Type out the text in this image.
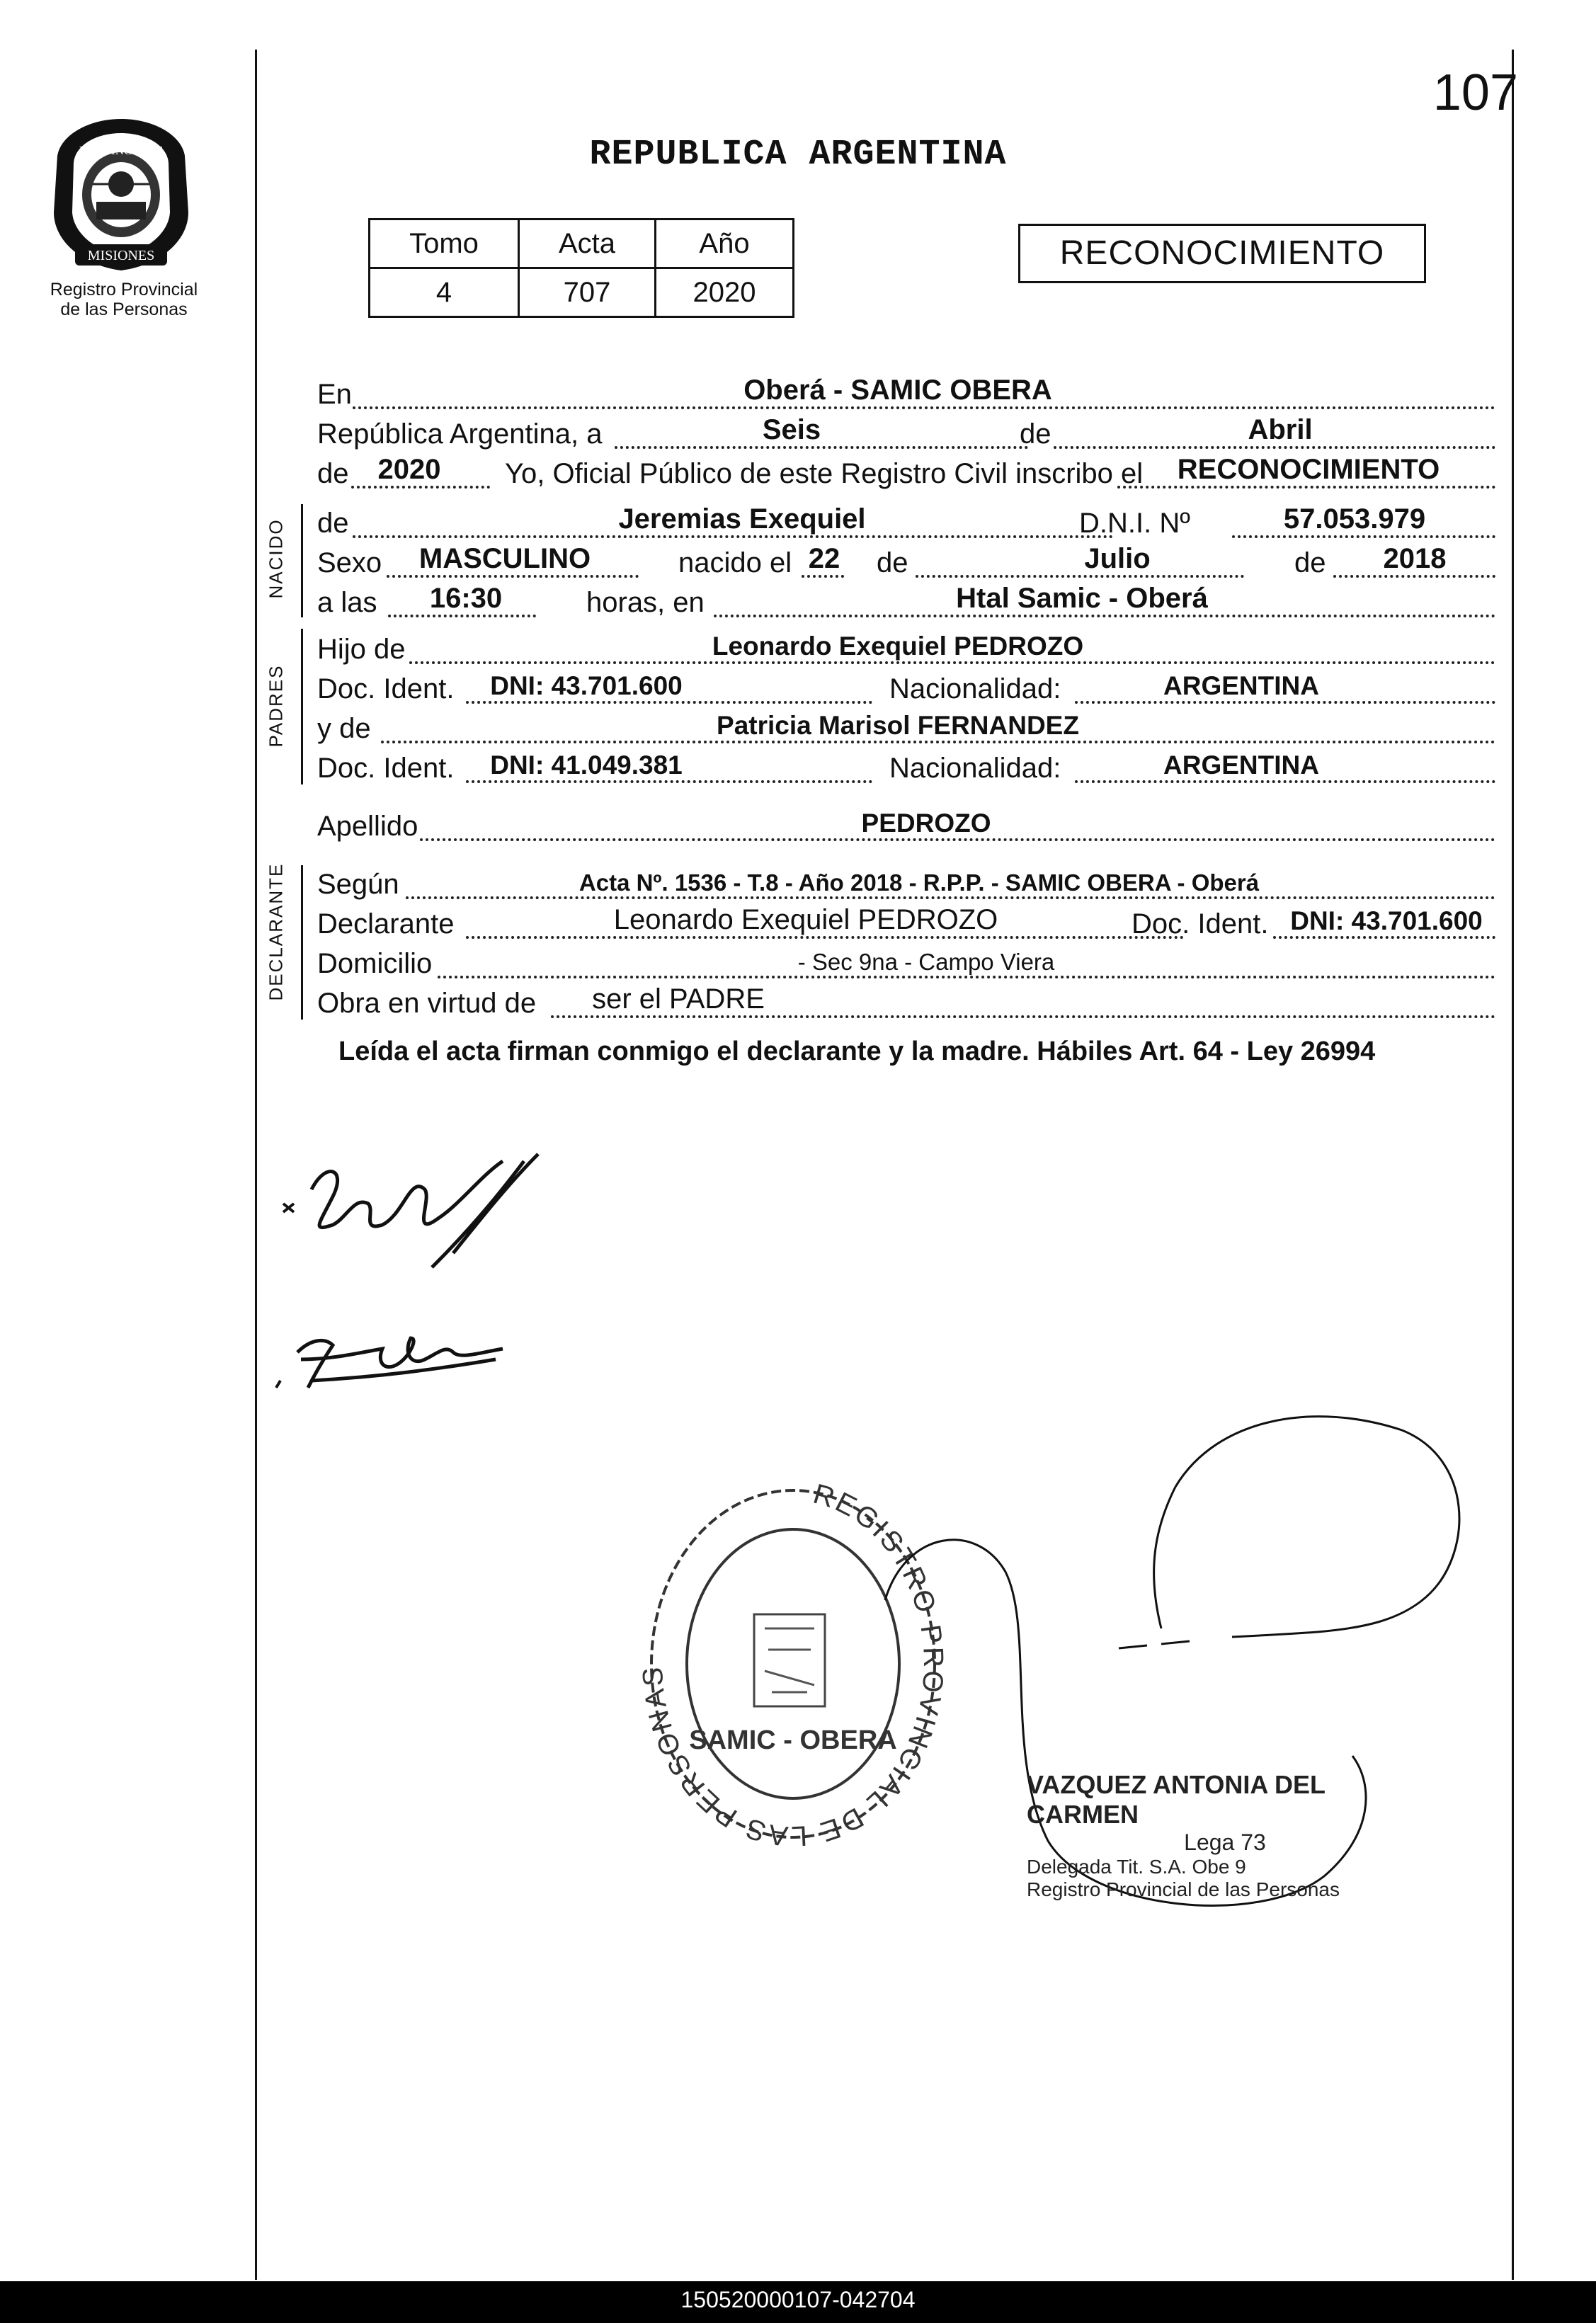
107
PROVINCIA DE
MISIONES
Registro Provincial
de las Personas
REPUBLICA ARGENTINA
Tomo	Acta	Año
4	707	2020
RECONOCIMIENTO
En	Oberá - SAMIC OBERA
República Argentina, a	Seis	de	Abril
de	2020	Yo, Oficial Público de este Registro Civil inscribo el	RECONOCIMIENTO
NACIDO de	Jeremias Exequiel	D.N.I. Nº	57.053.979
Sexo	MASCULINO	nacido el 22 de	Julio	de	2018
a las	16:30	horas, en	Htal Samic - Oberá
PADRES
Hijo de	Leonardo Exequiel PEDROZO
Doc. Ident.	DNI: 43.701.600	Nacionalidad:	ARGENTINA
y de	Patricia Marisol FERNANDEZ
Doc. Ident.	DNI: 41.049.381	Nacionalidad:	ARGENTINA
Apellido	PEDROZO
DECLARANTE Según	Acta Nº. 1536 - T.8 - Año 2018 - R.P.P. - SAMIC OBERA - Oberá
Declarante	Leonardo Exequiel PEDROZO	Doc. Ident. DNI: 43.701.600
Domicilio	- Sec 9na - Campo Viera
Obra en virtud de	ser el PADRE
Leída el acta firman conmigo el declarante y la madre. Hábiles Art. 64 - Ley 26994
REGISTRO PROVINCIAL DE LAS PERSONAS
SAMIC - OBERA
VAZQUEZ ANTONIA DEL CARMEN
Lega 73
Delegada Tit. S.A. Obe 9
Registro Provincial de las Personas
150520000107-042704
